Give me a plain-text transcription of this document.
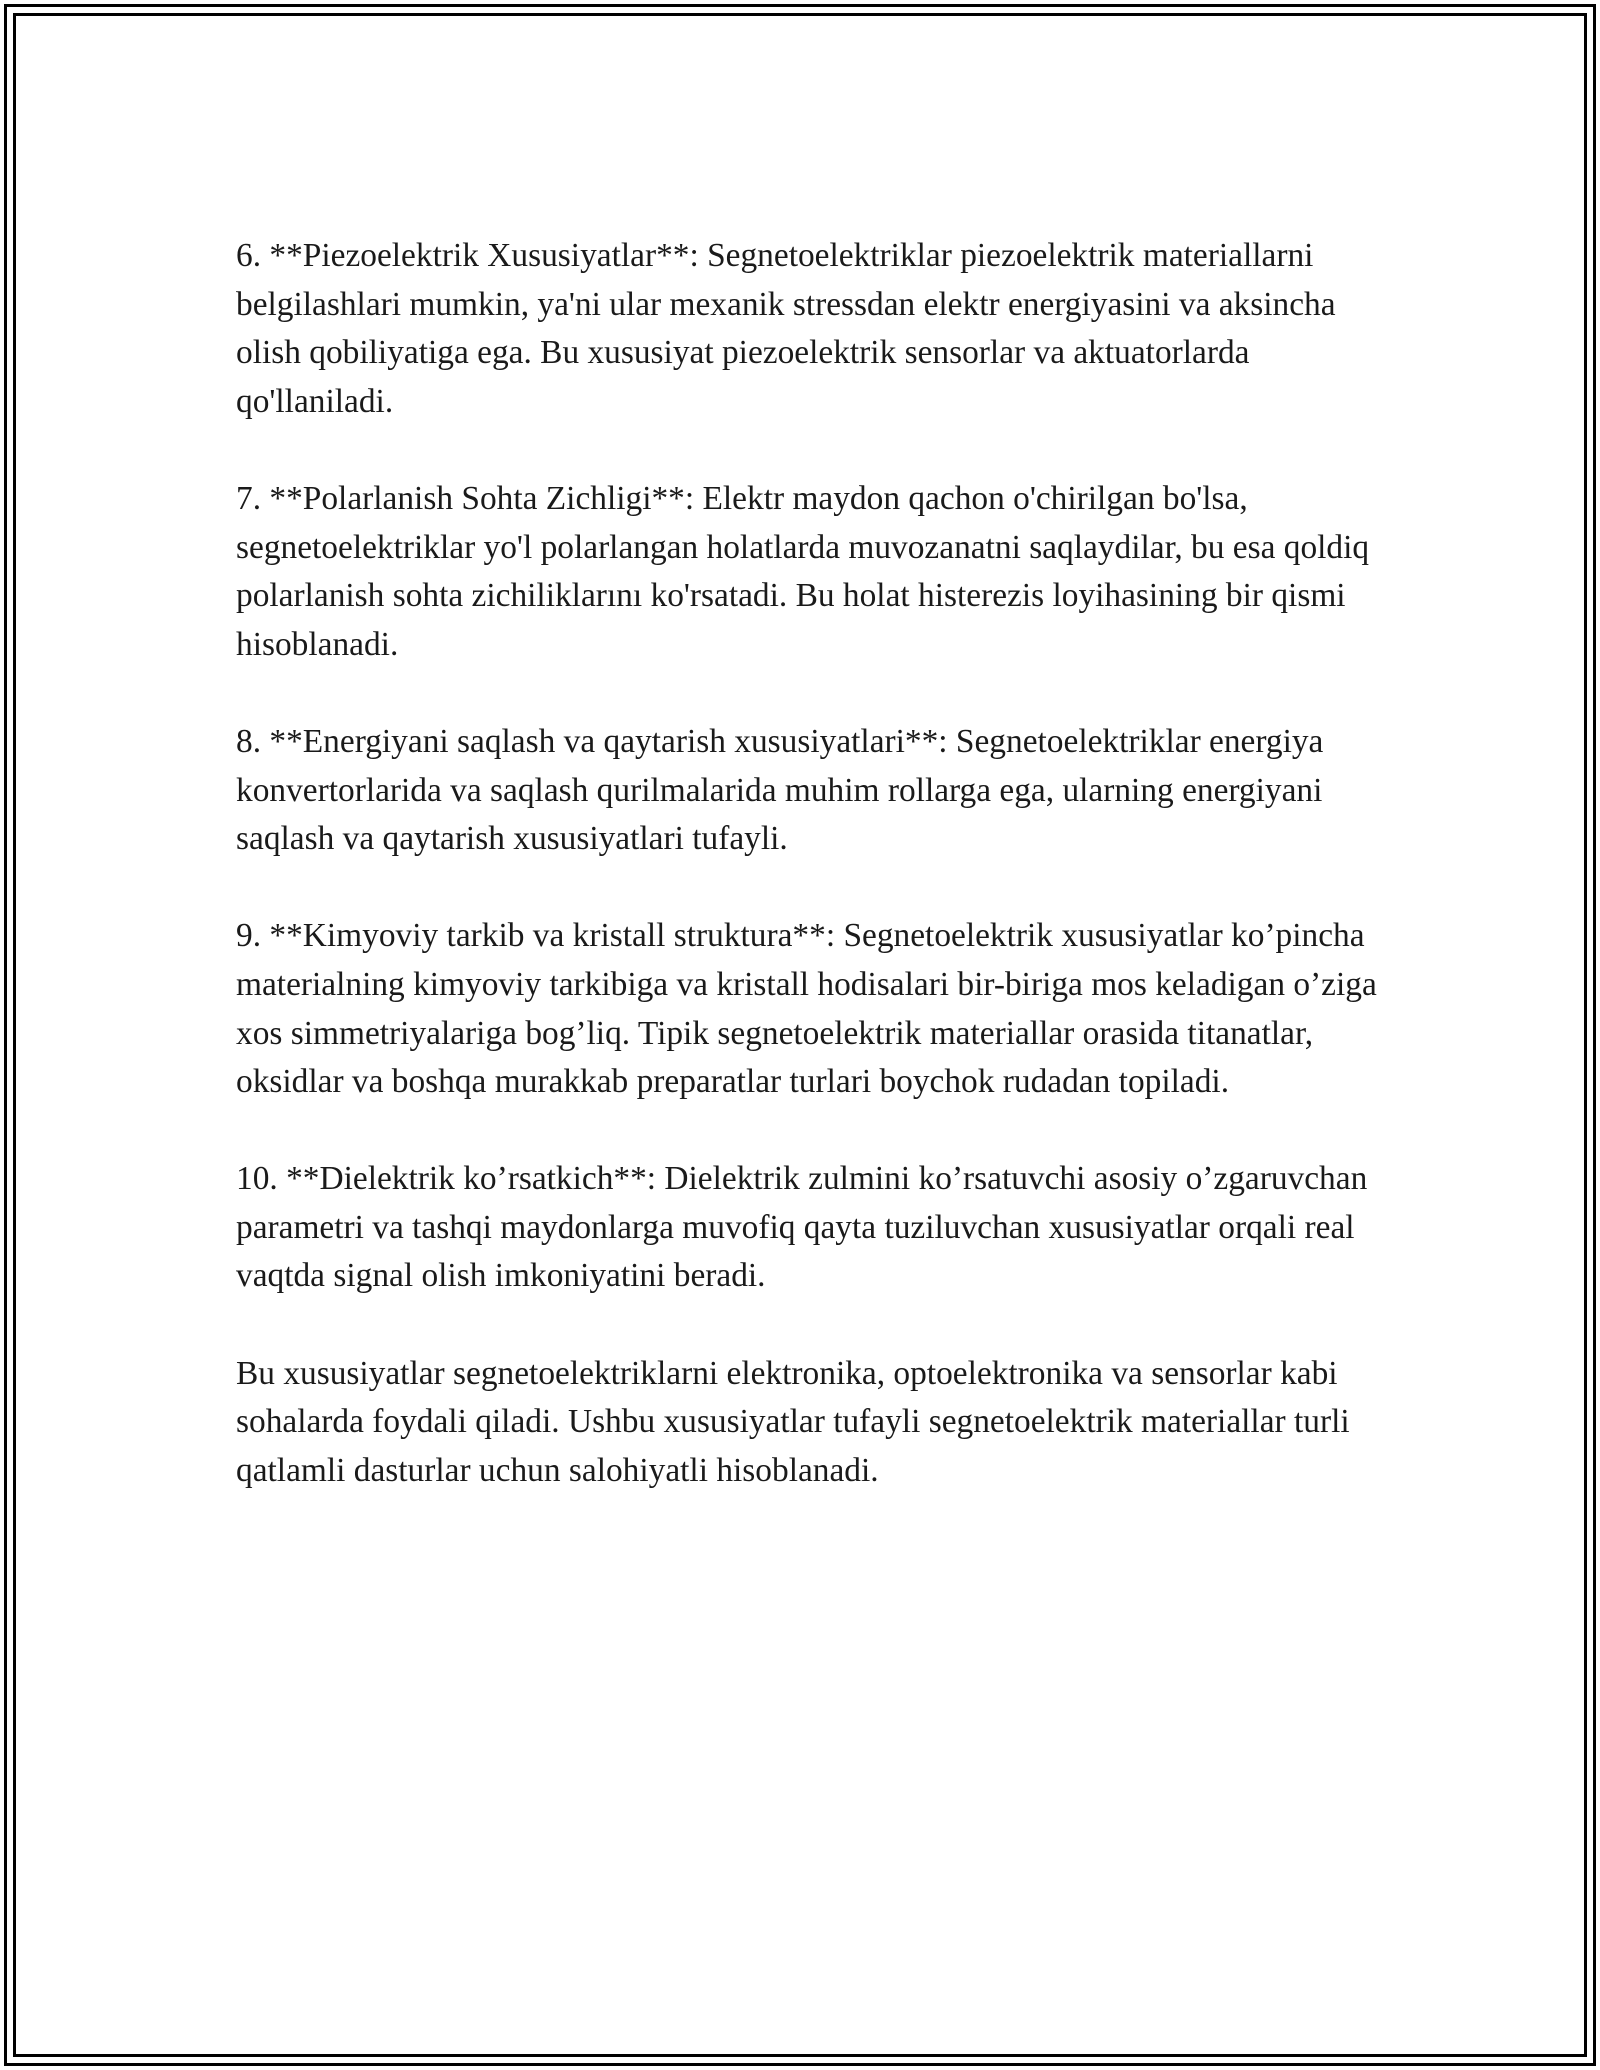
6. **Piezoelektrik Xususiyatlar**: Segnetoelektriklar piezoelektrik materiallarni belgilashlari mumkin, ya'ni ular mexanik stressdan elektr energiyasini va aksincha olish qobiliyatiga ega. Bu xususiyat piezoelektrik sensorlar va aktuatorlarda qo'llaniladi.

7. **Polarlanish Sohta Zichligi**: Elektr maydon qachon o'chirilgan bo'lsa, segnetoelektriklar yo'l polarlangan holatlarda muvozanatni saqlaydilar, bu esa qoldiq polarlanish sohta zichiliklarını ko'rsatadi. Bu holat histerezis loyihasining bir qismi hisoblanadi.

8. **Energiyani saqlash va qaytarish xususiyatlari**: Segnetoelektriklar energiya konvertorlarida va saqlash qurilmalarida muhim rollarga ega, ularning energiyani saqlash va qaytarish xususiyatlari tufayli.

9. **Kimyoviy tarkib va kristall struktura**: Segnetoelektrik xususiyatlar ko’pincha materialning kimyoviy tarkibiga va kristall hodisalari bir-biriga mos keladigan o’ziga xos simmetriyalariga bog’liq. Tipik segnetoelektrik materiallar orasida titanatlar, oksidlar va boshqa murakkab preparatlar turlari boychok rudadan topiladi.

10. **Dielektrik ko’rsatkich**: Dielektrik zulmini ko’rsatuvchi asosiy o’zgaruvchan parametri va tashqi maydonlarga muvofiq qayta tuziluvchan xususiyatlar orqali real vaqtda signal olish imkoniyatini beradi.

Bu xususiyatlar segnetoelektriklarni elektronika, optoelektronika va sensorlar kabi sohalarda foydali qiladi. Ushbu xususiyatlar tufayli segnetoelektrik materiallar turli qatlamli dasturlar uchun salohiyatli hisoblanadi.
